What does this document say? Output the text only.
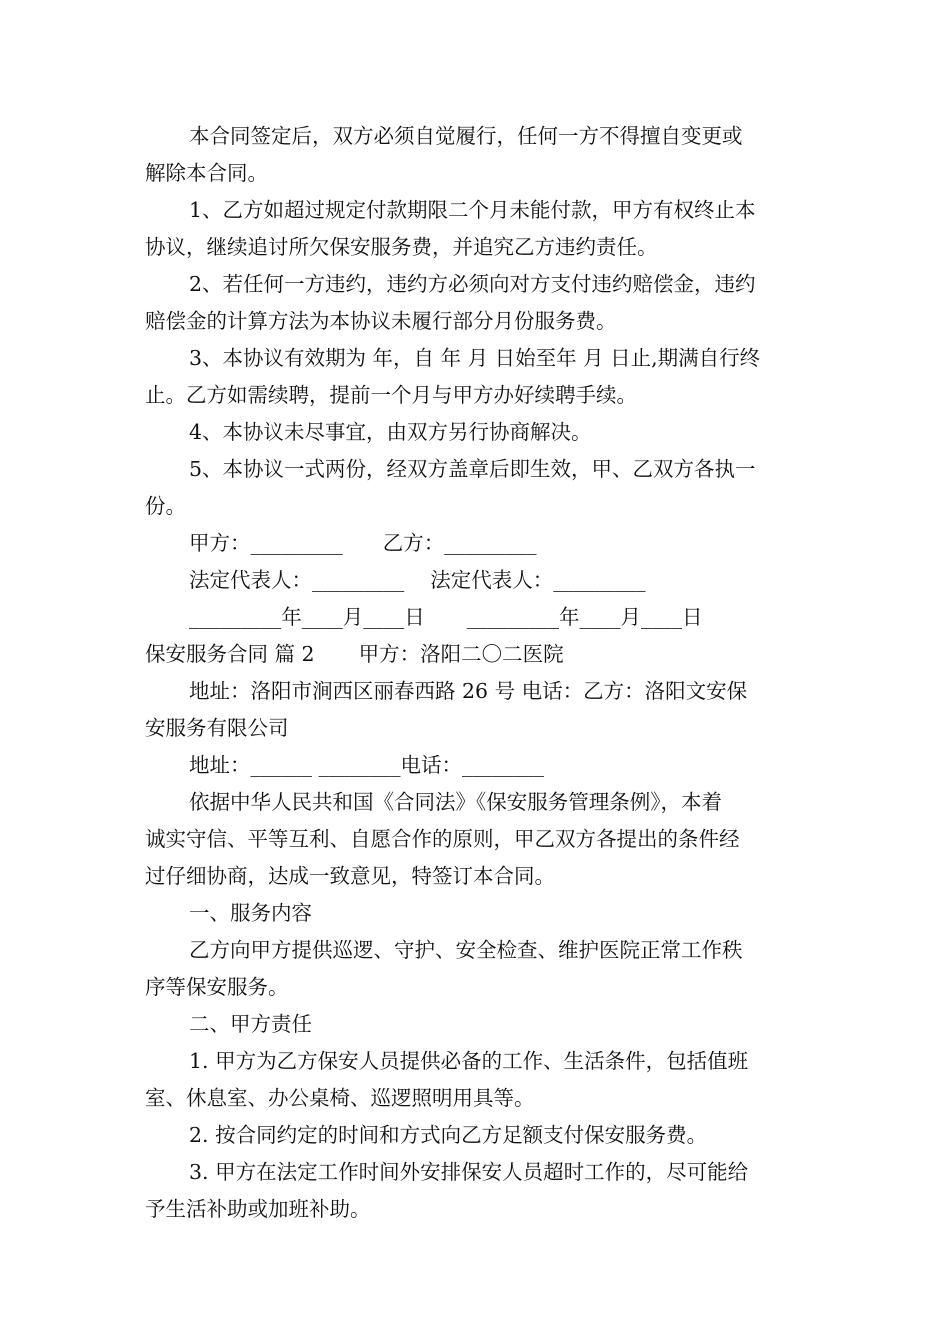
本合同签定后，双方必须自觉履行，任何一方不得擅自变更或
解除本合同。
1、乙方如超过规定付款期限二个月未能付款，甲方有权终止本
协议，继续追讨所欠保安服务费，并追究乙方违约责任。
2、若任何一方违约，违约方必须向对方支付违约赔偿金，违约
赔偿金的计算方法为本协议未履行部分月份服务费。
3、本协议有效期为 年，自 年 月 日始至年 月 日止,期满自行终
止。乙方如需续聘，提前一个月与甲方办好续聘手续。
4、本协议未尽事宜，由双方另行协商解决。
5、本协议一式两份，经双方盖章后即生效，甲、乙双方各执一
份。
甲方：_________ 乙方：_________
法定代表人：_________ 法定代表人：_________
_________年____月____日 _________年____月____日
保安服务合同 篇 2 甲方：洛阳二〇二医院
地址：洛阳市涧西区丽春西路 26 号 电话：乙方：洛阳文安保
安服务有限公司
地址：______ ________电话：________
依据中华人民共和国《合同法》《保安服务管理条例》，本着
诚实守信、平等互利、自愿合作的原则，甲乙双方各提出的条件经
过仔细协商，达成一致意见，特签订本合同。
一、服务内容
乙方向甲方提供巡逻、守护、安全检查、维护医院正常工作秩
序等保安服务。
二、甲方责任
1. 甲方为乙方保安人员提供必备的工作、生活条件，包括值班
室、休息室、办公桌椅、巡逻照明用具等。
2. 按合同约定的时间和方式向乙方足额支付保安服务费。
3. 甲方在法定工作时间外安排保安人员超时工作的，尽可能给
予生活补助或加班补助。
